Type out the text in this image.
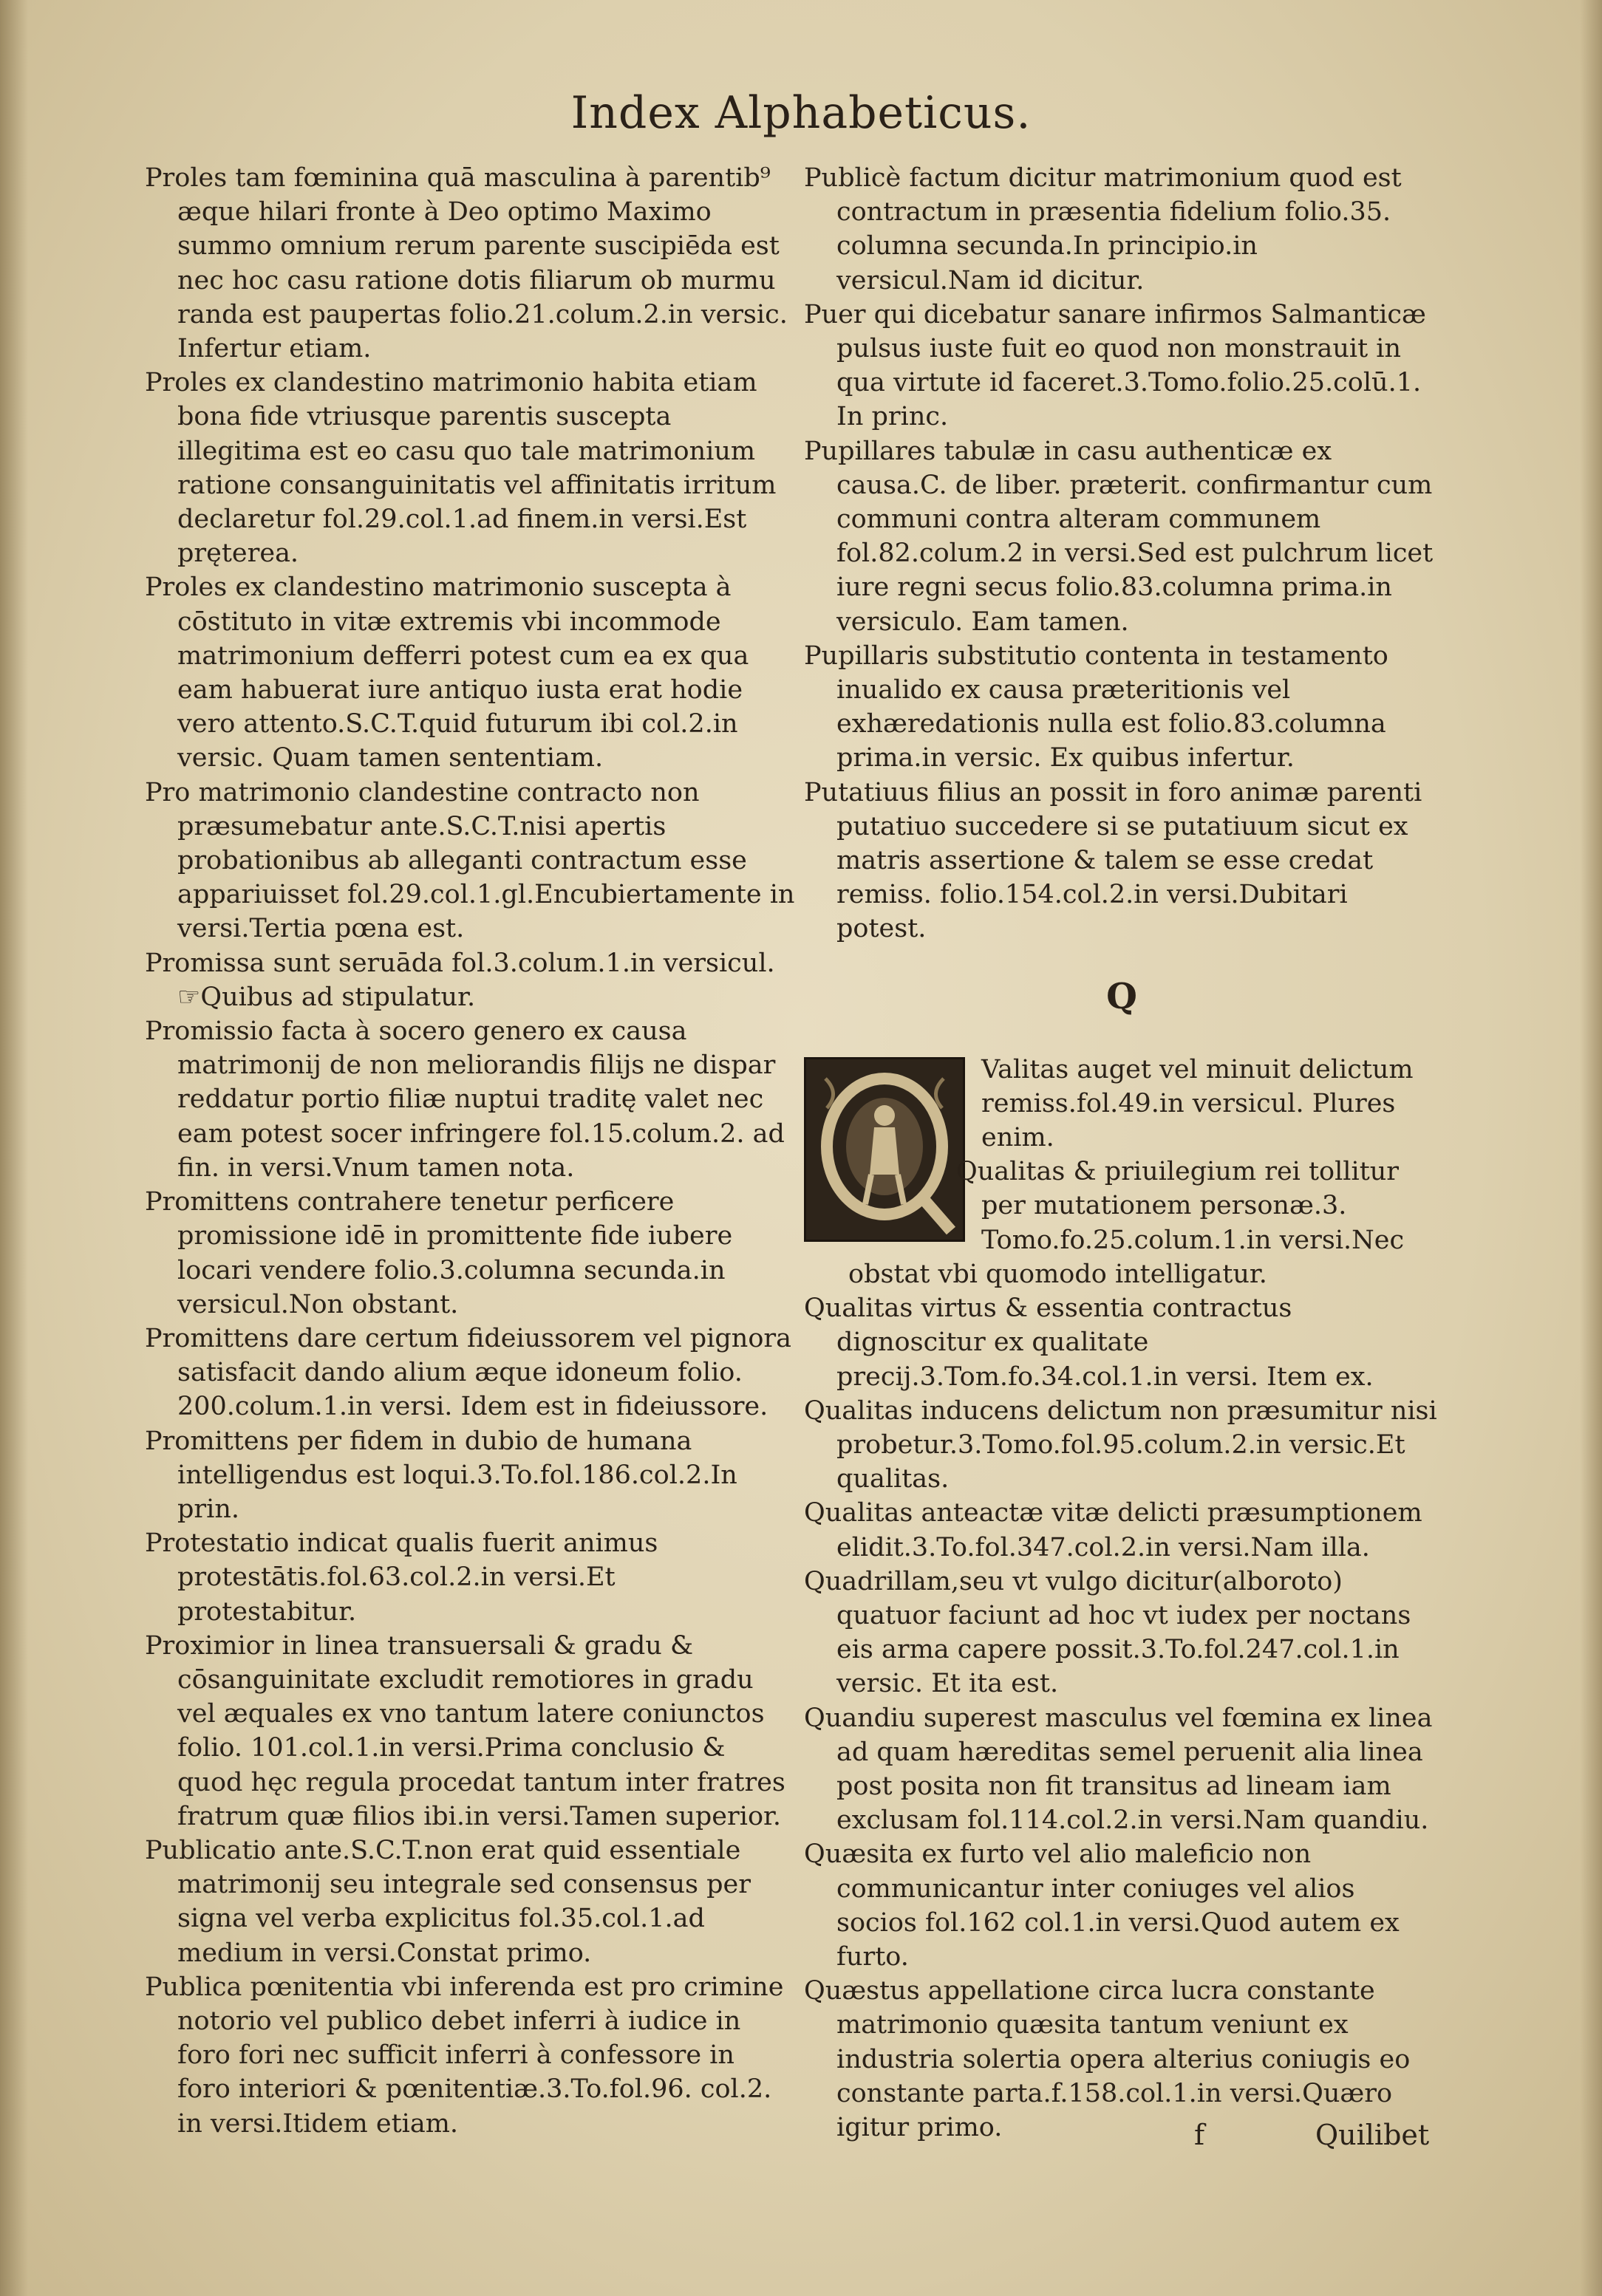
Index Alphabeticus.

Proles tam fœminina quā masculina à parentib⁹ æque hilari fronte à Deo optimo Maximo summo omnium rerum parente suscipiēda est nec hoc casu ratione dotis filiarum ob murmu randa est paupertas folio.21.colum.2.in versic. Infertur etiam.

Proles ex clandestino matrimonio habita etiam bona fide vtriusque parentis suscepta illegitima est eo casu quo tale matrimonium ratione consanguinitatis vel affinitatis irritum declaretur fol.29.col.1.ad finem.in versi.Est pręterea.

Proles ex clandestino matrimonio suscepta à cōstituto in vitæ extremis vbi incommode matrimonium defferri potest cum ea ex qua eam habuerat iure antiquo iusta erat hodie vero attento.S.C.T.quid futurum ibi col.2.in versic. Quam tamen sententiam.

Pro matrimonio clandestine contracto non præsumebatur ante.S.C.T.nisi apertis probationibus ab alleganti contractum esse appariuisset fol.29.col.1.gl.Encubiertamente in versi.Tertia pœna est.

Promissa sunt seruāda fol.3.colum.1.in versicul. ☞Quibus ad stipulatur.

Promissio facta à socero genero ex causa matrimonij de non meliorandis filijs ne dispar reddatur portio filiæ nuptui traditę valet nec eam potest socer infringere fol.15.colum.2. ad fin. in versi.Vnum tamen nota.

Promittens contrahere tenetur perficere promissione idē in promittente fide iubere locari vendere folio.3.columna secunda.in versicul.Non obstant.

Promittens dare certum fideiussorem vel pignora satisfacit dando alium æque idoneum folio. 200.colum.1.in versi. Idem est in fideiussore.

Promittens per fidem in dubio de humana intelligendus est loqui.3.To.fol.186.col.2.In prin.

Protestatio indicat qualis fuerit animus protestātis.fol.63.col.2.in versi.Et protestabitur.

Proximior in linea transuersali & gradu & cōsanguinitate excludit remotiores in gradu vel æquales ex vno tantum latere coniunctos folio. 101.col.1.in versi.Prima conclusio & quod hęc regula procedat tantum inter fratres fratrum quæ filios ibi.in versi.Tamen superior.

Publicatio ante.S.C.T.non erat quid essentiale matrimonij seu integrale sed consensus per signa vel verba explicitus fol.35.col.1.ad medium in versi.Constat primo.

Publica pœnitentia vbi inferenda est pro crimine notorio vel publico debet inferri à iudice in foro fori nec sufficit inferri à confessore in foro interiori & pœnitentiæ.3.To.fol.96. col.2. in versi.Itidem etiam.

Publicè factum dicitur matrimonium quod est contractum in præsentia fidelium folio.35. columna secunda.In principio.in versicul.Nam id dicitur.

Puer qui dicebatur sanare infirmos Salmanticæ pulsus iuste fuit eo quod non monstrauit in qua virtute id faceret.3.Tomo.folio.25.colū.1. In princ.

Pupillares tabulæ in casu authenticæ ex causa.C. de liber. præterit. confirmantur cum communi contra alteram communem fol.82.colum.2 in versi.Sed est pulchrum licet iure regni secus folio.83.columna prima.in versiculo. Eam tamen.

Pupillaris substitutio contenta in testamento inualido ex causa præteritionis vel exhæredationis nulla est folio.83.columna prima.in versic. Ex quibus infertur.

Putatiuus filius an possit in foro animæ parenti putatiuo succedere si se putatiuum sicut ex matris assertione & talem se esse credat remiss. folio.154.col.2.in versi.Dubitari potest.

Q

Valitas auget vel minuit delictum remiss.fol.49.in versicul. Plures enim.

Qualitas & priuilegium rei tollitur per mutationem personæ.3. Tomo.fo.25.colum.1.in versi.Nec obstat vbi quomodo intelligatur.

Qualitas virtus & essentia contractus dignoscitur ex qualitate precij.3.Tom.fo.34.col.1.in versi. Item ex.

Qualitas inducens delictum non præsumitur nisi probetur.3.Tomo.fol.95.colum.2.in versic.Et qualitas.

Qualitas anteactæ vitæ delicti præsumptionem elidit.3.To.fol.347.col.2.in versi.Nam illa.

Quadrillam,seu vt vulgo dicitur(alboroto) quatuor faciunt ad hoc vt iudex per noctans eis arma capere possit.3.To.fol.247.col.1.in versic. Et ita est.

Quandiu superest masculus vel fœmina ex linea ad quam hæreditas semel peruenit alia linea post posita non fit transitus ad lineam iam exclusam fol.114.col.2.in versi.Nam quandiu.

Quæsita ex furto vel alio maleficio non communicantur inter coniuges vel alios socios fol.162 col.1.in versi.Quod autem ex furto.

Quæstus appellatione circa lucra constante matrimonio quæsita tantum veniunt ex industria solertia opera alterius coniugis eo constante parta.f.158.col.1.in versi.Quæro igitur primo.	f	Quilibet
